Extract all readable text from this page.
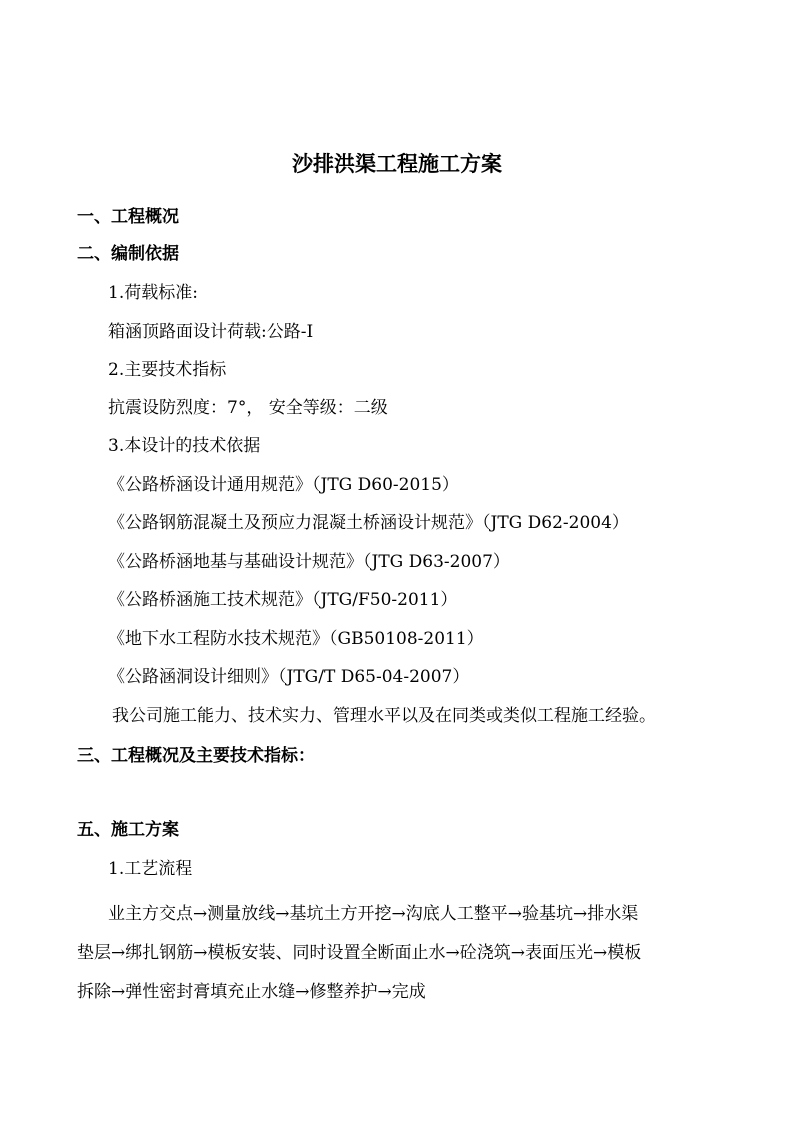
沙排洪渠工程施工方案
一、工程概况
二、编制依据
1.荷载标准:
箱涵顶路面设计荷载:公路-Ⅰ
2.主要技术指标
抗震设防烈度：7°， 安全等级：二级
3.本设计的技术依据
《公路桥涵设计通用规范》（JTG D60-2015）
《公路钢筋混凝土及预应力混凝土桥涵设计规范》（JTG D62-2004）
《公路桥涵地基与基础设计规范》（JTG D63-2007）
《公路桥涵施工技术规范》（JTG/F50-2011）
《地下水工程防水技术规范》（GB50108-2011）
《公路涵洞设计细则》（JTG/T D65-04-2007）
我公司施工能力、技术实力、管理水平以及在同类或类似工程施工经验。
三、工程概况及主要技术指标：
五、施工方案
1.工艺流程
业主方交点→测量放线→基坑土方开挖→沟底人工整平→验基坑→排水渠
垫层→绑扎钢筋→模板安装、同时设置全断面止水→砼浇筑→表面压光→模板
拆除→弹性密封膏填充止水缝→修整养护→完成
